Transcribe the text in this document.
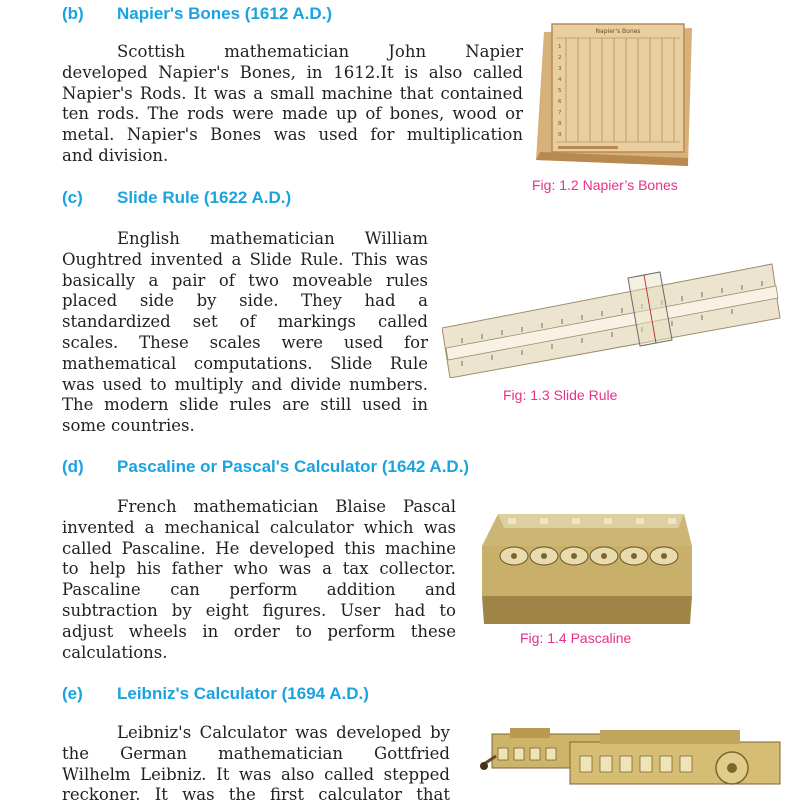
(b) Napier's Bones (1612 A.D.)

Scottish mathematician John Napier
developed Napier's Bones, in 1612.It is also called
Napier's Rods. It was a small machine that contained
ten rods. The rods were made up of bones, wood or
metal. Napier's Bones was used for multiplication
and division.

Napier's Bones
1
2
3
4
5
6
7
8
9
Fig: 1.2 Napier’s Bones
(c) Slide Rule (1622 A.D.)

English mathematician William
Oughtred invented a Slide Rule. This was
basically a pair of two moveable rules
placed side by side. They had a
standardized set of markings called
scales. These scales were used for
mathematical computations. Slide Rule
was used to multiply and divide numbers.
The modern slide rules are still used in
some countries.

Fig: 1.3 Slide Rule
(d) Pascaline or Pascal's Calculator (1642 A.D.)

French mathematician Blaise Pascal
invented a mechanical calculator which was
called Pascaline. He developed this machine
to help his father who was a tax collector.
Pascaline can perform addition and
subtraction by eight figures. User had to
adjust wheels in order to perform these
calculations.

Fig: 1.4 Pascaline
(e) Leibniz's Calculator (1694 A.D.)

Leibniz's Calculator was developed by
the German mathematician Gottfried
Wilhelm Leibniz. It was also called stepped
reckoner. It was the first calculator that
